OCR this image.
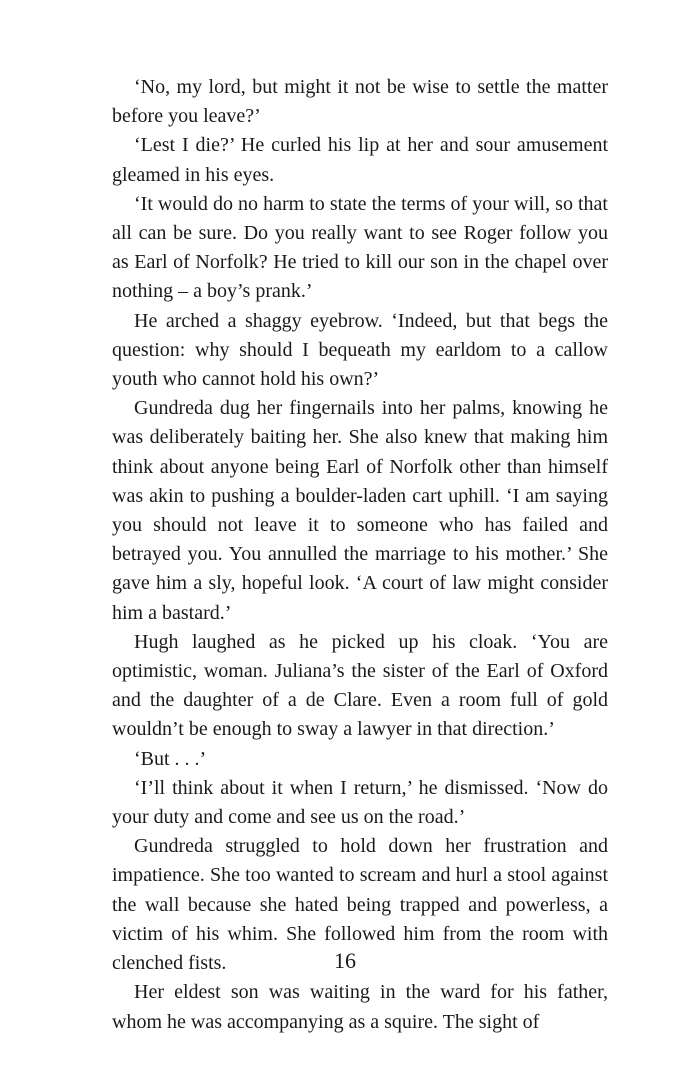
‘No, my lord, but might it not be wise to settle the matter before you leave?’

‘Lest I die?’ He curled his lip at her and sour amusement gleamed in his eyes.

‘It would do no harm to state the terms of your will, so that all can be sure. Do you really want to see Roger follow you as Earl of Norfolk? He tried to kill our son in the chapel over nothing – a boy’s prank.’

He arched a shaggy eyebrow. ‘Indeed, but that begs the question: why should I bequeath my earldom to a callow youth who cannot hold his own?’

Gundreda dug her fingernails into her palms, knowing he was deliberately baiting her. She also knew that making him think about anyone being Earl of Norfolk other than himself was akin to pushing a boulder-laden cart uphill. ‘I am saying you should not leave it to someone who has failed and betrayed you. You annulled the marriage to his mother.’ She gave him a sly, hopeful look. ‘A court of law might consider him a bastard.’

Hugh laughed as he picked up his cloak. ‘You are optimistic, woman. Juliana’s the sister of the Earl of Oxford and the daughter of a de Clare. Even a room full of gold wouldn’t be enough to sway a lawyer in that direction.’

‘But . . .’

‘I’ll think about it when I return,’ he dismissed. ‘Now do your duty and come and see us on the road.’

Gundreda struggled to hold down her frustration and impatience. She too wanted to scream and hurl a stool against the wall because she hated being trapped and powerless, a victim of his whim. She followed him from the room with clenched fists.

Her eldest son was waiting in the ward for his father, whom he was accompanying as a squire. The sight of

16
